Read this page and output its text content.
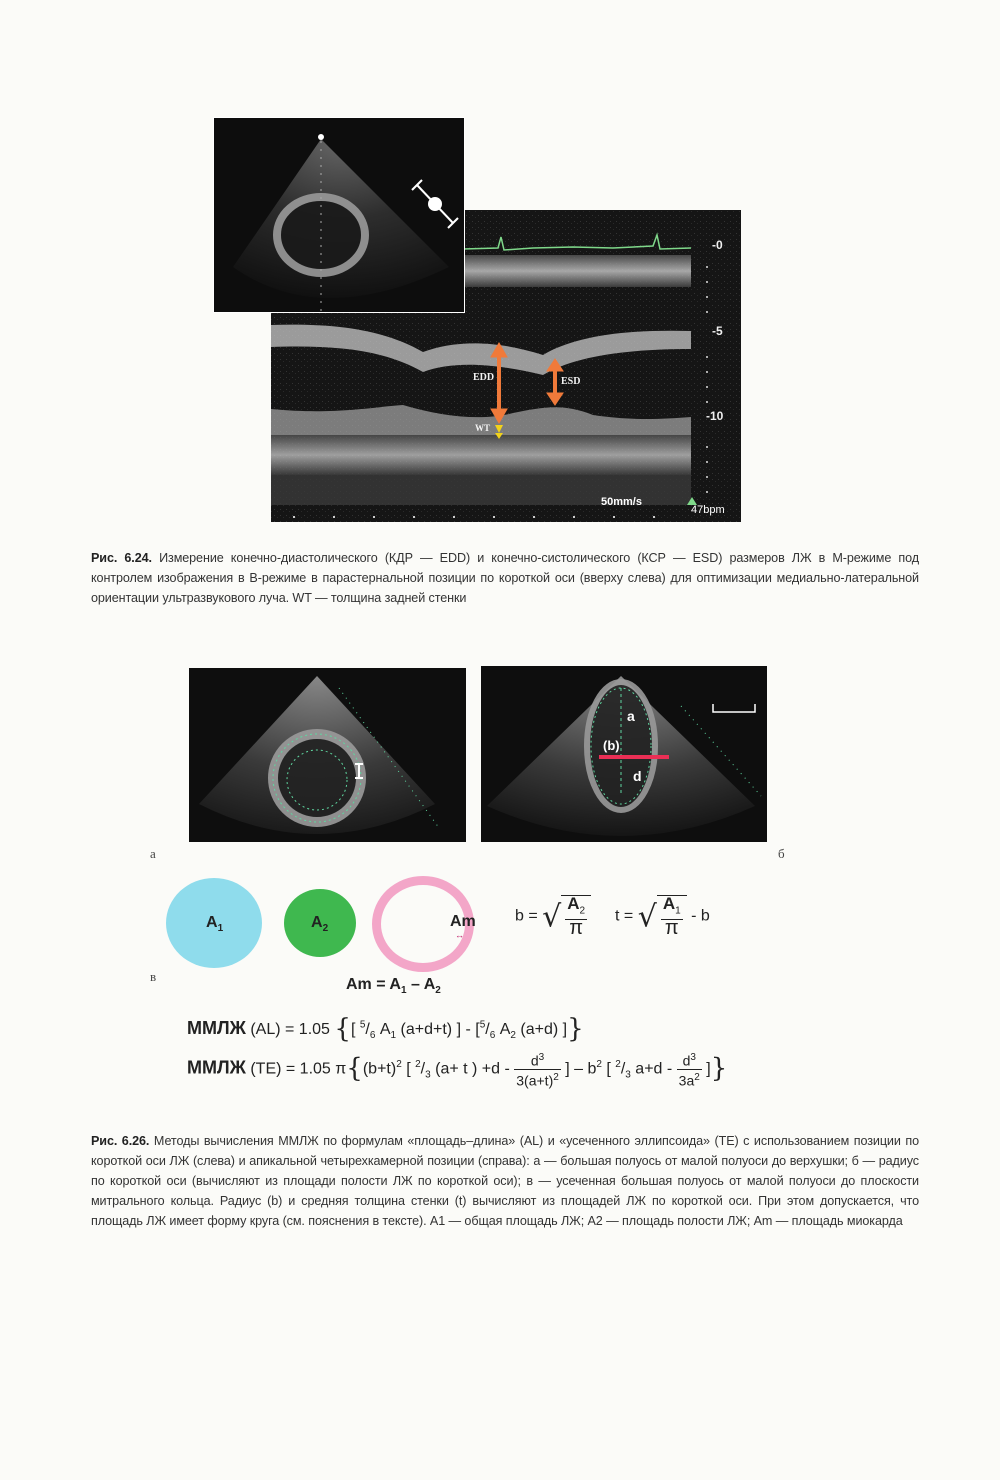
EDD	ESD
WT
-0
-5
-10
50mm/s
47bpm
Рис. 6.24. Измерение конечно-диастолического (КДР — EDD) и конечно-систолического (КСР — ESD) размеров ЛЖ в М-режиме под контролем изображения в В-режиме в парастернальной позиции по короткой оси (вверху слева) для оптимизации медиально-латеральной ориентации ультразвукового луча. WT — толщина задней стенки
a
(b)
d
а	б
в
$A_1$	$A_2$	Am
↔
b = √ $\frac{A_2}{\pi}$ t = √ $\frac{A_1}{\pi}$ - b
$Am = A_1 - A_2$
ММЛЖ (AL) = 1.05 {[ $^5/_6$ $A_1$ (a+d+t) ] - [$^5/_6$ $A_2$ (a+d) ]}
ММЛЖ (TE) = 1.05 $\pi\{(b+t)^2$ [ $^2/_3$ (a+ t ) $+d - \frac{d^3}{3(a+t)^2}$ ] – $b^2$ [ $^2/_3$ $a+d - \frac{d^3}{3a^2}$ ]}
Рис. 6.26. Методы вычисления ММЛЖ по формулам «площадь–длина» (AL) и «усеченного эллипсоида» (TE) с использованием позиции по короткой оси ЛЖ (слева) и апикальной четырехкамерной позиции (справа): а — большая полуось от малой полуоси до верхушки; б — радиус по короткой оси (вычисляют из площади полости ЛЖ по короткой оси); в — усеченная большая полуось от малой полуоси до плоскости митрального кольца. Радиус (b) и средняя толщина стенки (t) вычисляют из площадей ЛЖ по короткой оси. При этом допускается, что площадь ЛЖ имеет форму круга (см. пояснения в тексте). A1 — общая площадь ЛЖ; A2 — площадь полости ЛЖ; Am — площадь миокарда
